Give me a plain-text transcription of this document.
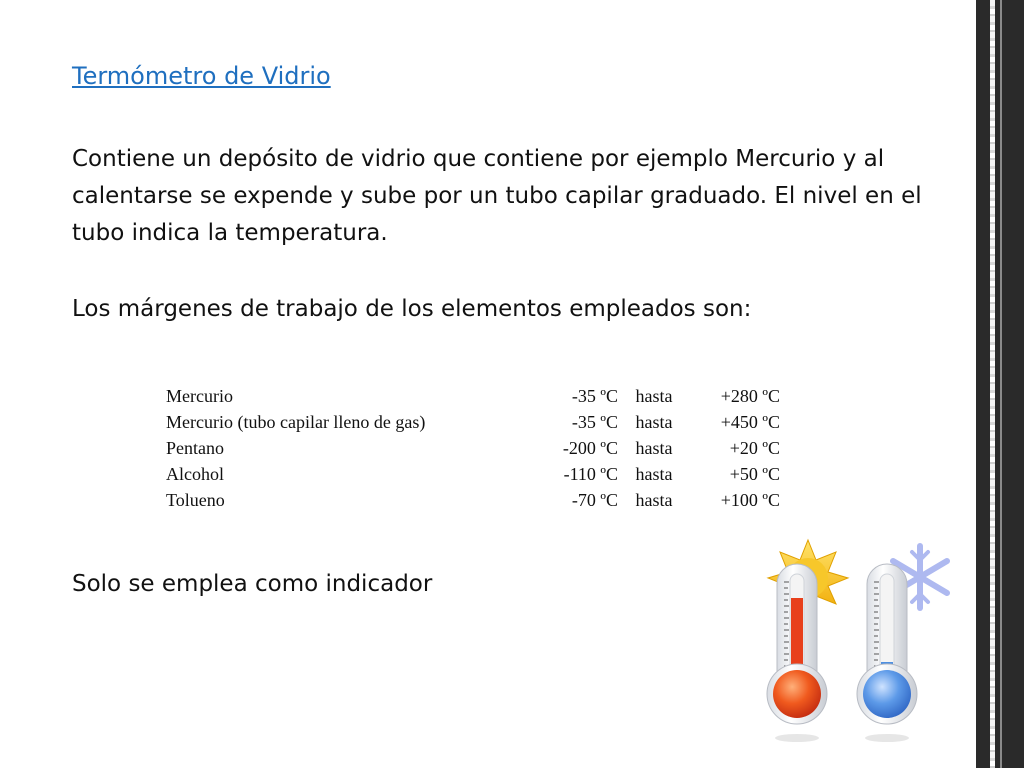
Termómetro de Vidrio
Contiene un depósito de vidrio que contiene por ejemplo Mercurio y al calentarse se expende y sube por un tubo capilar graduado. El nivel en el tubo indica la temperatura.
Los márgenes de trabajo de los elementos empleados son:
Mercurio	-35 ºC	hasta	+280 ºC
Mercurio (tubo capilar lleno de gas)	-35 ºC	hasta	+450 ºC
Pentano	-200 ºC	hasta	+20 ºC
Alcohol	-110 ºC	hasta	+50 ºC
Tolueno	-70 ºC	hasta	+100 ºC
Solo se emplea como indicador
